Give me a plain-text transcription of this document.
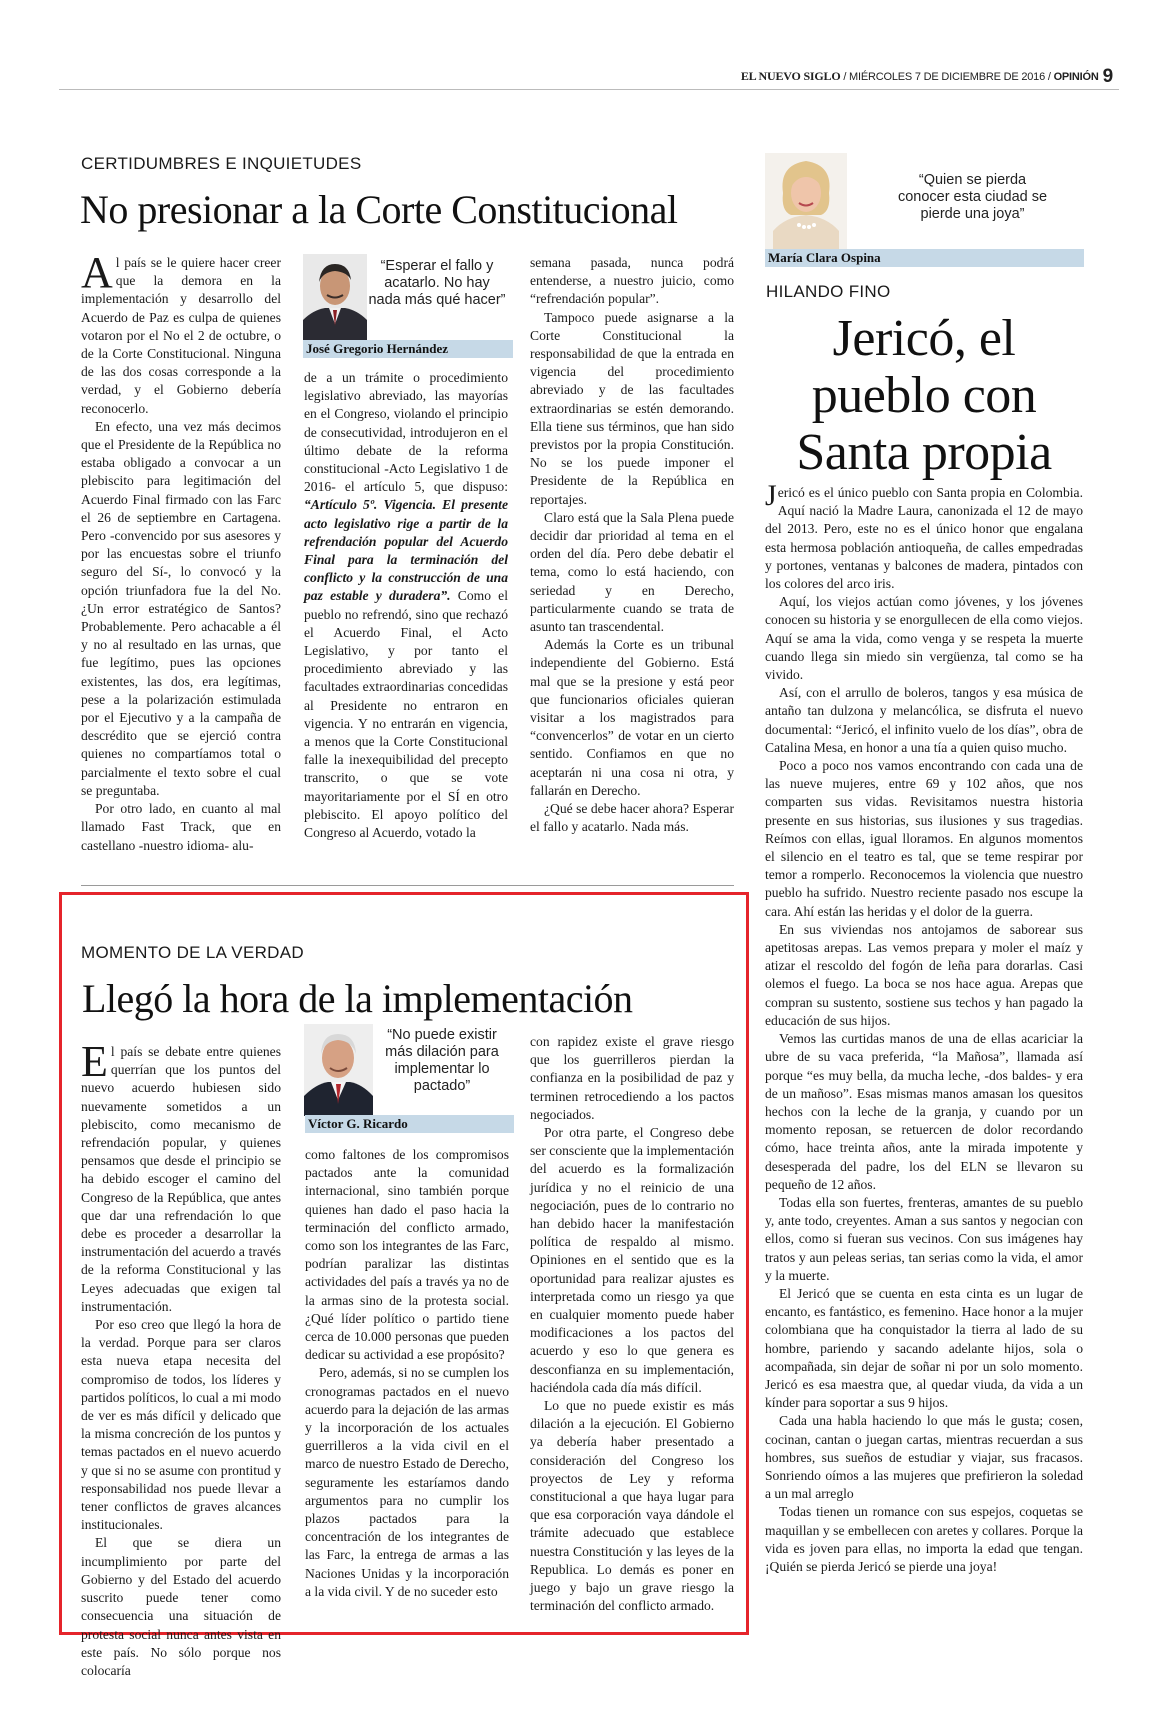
EL NUEVO SIGLO / MIÉRCOLES 7 DE DICIEMBRE DE 2016 / OPINIÓN 9
CERTIDUMBRES E INQUIETUDES
No presionar a la Corte Constitucional

Al país se le quiere hacer creer que la demora en la implementación y desarrollo del Acuerdo de Paz es culpa de quienes votaron por el No el 2 de octubre, o de la Corte Constitucional. Ninguna de las dos cosas corresponde a la verdad, y el Gobierno debería reconocerlo.

En efecto, una vez más decimos que el Presidente de la República no estaba obligado a convocar a un plebiscito para legitimación del Acuerdo Final firmado con las Farc el 26 de septiembre en Cartagena. Pero -convencido por sus asesores y por las encuestas sobre el triunfo seguro del Sí-, lo convocó y la opción triunfadora fue la del No. ¿Un error estratégico de Santos? Probablemente. Pero achacable a él y no al resultado en las urnas, que fue legítimo, pues las opciones existentes, las dos, era legítimas, pese a la polarización estimulada por el Ejecutivo y a la campaña de descrédito que se ejerció contra quienes no compartíamos total o parcialmente el texto sobre el cual se preguntaba.

Por otro lado, en cuanto al mal llamado Fast Track, que en castellano -nuestro idioma- alu-

“Esperar el fallo y acatarlo. No hay nada más qué hacer”
José Gregorio Hernández

de a un trámite o procedimiento legislativo abreviado, las mayorías en el Congreso, violando el principio de consecutividad, introdujeron en el último debate de la reforma constitucional -Acto Legislativo 1 de 2016- el artículo 5, que dispuso: “Artículo 5º. Vigencia. El presente acto legislativo rige a partir de la refrendación popular del Acuerdo Final para la terminación del conflicto y la construcción de una paz estable y duradera”. Como el pueblo no refrendó, sino que rechazó el Acuerdo Final, el Acto Legislativo, y por tanto el procedimiento abreviado y las facultades extraordinarias concedidas al Presidente no entraron en vigencia. Y no entrarán en vigencia, a menos que la Corte Constitucional falle la inexequibilidad del precepto transcrito, o que se vote mayoritariamente por el SÍ en otro plebiscito. El apoyo político del Congreso al Acuerdo, votado la

semana pasada, nunca podrá entenderse, a nuestro juicio, como “refrendación popular”.

Tampoco puede asignarse a la Corte Constitucional la responsabilidad de que la entrada en vigencia del procedimiento abreviado y de las facultades extraordinarias se estén demorando. Ella tiene sus términos, que han sido previstos por la propia Constitución. No se los puede imponer el Presidente de la República en reportajes.

Claro está que la Sala Plena puede decidir dar prioridad al tema en el orden del día. Pero debe debatir el tema, como lo está haciendo, con seriedad y en Derecho, particularmente cuando se trata de asunto tan trascendental.

Además la Corte es un tribunal independiente del Gobierno. Está mal que se la presione y está peor que funcionarios oficiales quieran visitar a los magistrados para “convencerlos” de votar en un cierto sentido. Confiamos en que no aceptarán ni una cosa ni otra, y fallarán en Derecho.

¿Qué se debe hacer ahora? Esperar el fallo y acatarlo. Nada más.

MOMENTO DE LA VERDAD
Llegó la hora de la implementación

El país se debate entre quienes querrían que los puntos del nuevo acuerdo hubiesen sido nuevamente sometidos a un plebiscito, como mecanismo de refrendación popular, y quienes pensamos que desde el principio se ha debido escoger el camino del Congreso de la República, que antes que dar una refrendación lo que debe es proceder a desarrollar la instrumentación del acuerdo a través de la reforma Constitucional y las Leyes adecuadas que exigen tal instrumentación.

Por eso creo que llegó la hora de la verdad. Porque para ser claros esta nueva etapa necesita del compromiso de todos, los líderes y partidos políticos, lo cual a mi modo de ver es más difícil y delicado que la misma concreción de los puntos y temas pactados en el nuevo acuerdo y que si no se asume con prontitud y responsabilidad nos puede llevar a tener conflictos de graves alcances institucionales.

El que se diera un incumplimiento por parte del Gobierno y del Estado del acuerdo suscrito puede tener como consecuencia una situación de protesta social nunca antes vista en este país. No sólo porque nos colocaría

“No puede existir más dilación para implementar lo pactado”
Víctor G. Ricardo

como faltones de los compromisos pactados ante la comunidad internacional, sino también porque quienes han dado el paso hacia la terminación del conflicto armado, como son los integrantes de las Farc, podrían paralizar las distintas actividades del país a través ya no de la armas sino de la protesta social. ¿Qué líder político o partido tiene cerca de 10.000 personas que pueden dedicar su actividad a ese propósito?

Pero, además, si no se cumplen los cronogramas pactados en el nuevo acuerdo para la dejación de las armas y la incorporación de los actuales guerrilleros a la vida civil en el marco de nuestro Estado de Derecho, seguramente les estaríamos dando argumentos para no cumplir los plazos pactados para la concentración de los integrantes de las Farc, la entrega de armas a las Naciones Unidas y la incorporación a la vida civil. Y de no suceder esto

con rapidez existe el grave riesgo que los guerrilleros pierdan la confianza en la posibilidad de paz y terminen retrocediendo a los pactos negociados.

Por otra parte, el Congreso debe ser consciente que la implementación del acuerdo es la formalización jurídica y no el reinicio de una negociación, pues de lo contrario no han debido hacer la manifestación política de respaldo al mismo. Opiniones en el sentido que es la oportunidad para realizar ajustes es interpretada como un riesgo ya que en cualquier momento puede haber modificaciones a los pactos del acuerdo y eso lo que genera es desconfianza en su implementación, haciéndola cada día más difícil.

Lo que no puede existir es más dilación a la ejecución. El Gobierno ya debería haber presentado a consideración del Congreso los proyectos de Ley y reforma constitucional a que haya lugar para que esa corporación vaya dándole el trámite adecuado que establece nuestra Constitución y las leyes de la Republica. Lo demás es poner en juego y bajo un grave riesgo la terminación del conflicto armado.

“Quien se pierda conocer esta ciudad se pierde una joya”
María Clara Ospina
HILANDO FINO
Jericó, el
pueblo con
Santa propia

Jericó es el único pueblo con Santa propia en Colombia. Aquí nació la Madre Laura, canonizada el 12 de mayo del 2013. Pero, este no es el único honor que engalana esta hermosa población antioqueña, de calles empedradas y portones, ventanas y balcones de madera, pintados con los colores del arco iris.

Aquí, los viejos actúan como jóvenes, y los jóvenes conocen su historia y se enorgullecen de ella como viejos. Aquí se ama la vida, como venga y se respeta la muerte cuando llega sin miedo sin vergüenza, tal como se ha vivido.

Así, con el arrullo de boleros, tangos y esa música de antaño tan dulzona y melancólica, se disfruta el nuevo documental: “Jericó, el infinito vuelo de los días”, obra de Catalina Mesa, en honor a una tía a quien quiso mucho.

Poco a poco nos vamos encontrando con cada una de las nueve mujeres, entre 69 y 102 años, que nos comparten sus vidas. Revisitamos nuestra historia presente en sus historias, sus ilusiones y sus tragedias. Reímos con ellas, igual lloramos. En algunos momentos el silencio en el teatro es tal, que se teme respirar por temor a romperlo. Reconocemos la violencia que nuestro pueblo ha sufrido. Nuestro reciente pasado nos escupe la cara. Ahí están las heridas y el dolor de la guerra.

En sus viviendas nos antojamos de saborear sus apetitosas arepas. Las vemos prepara y moler el maíz y atizar el rescoldo del fogón de leña para dorarlas. Casi olemos el fuego. La boca se nos hace agua. Arepas que compran su sustento, sostiene sus techos y han pagado la educación de sus hijos.

Vemos las curtidas manos de una de ellas acariciar la ubre de su vaca preferida, “la Mañosa”, llamada así porque “es muy bella, da mucha leche, -dos baldes- y era de un mañoso”. Esas mismas manos amasan los quesitos hechos con la leche de la granja, y cuando por un momento reposan, se retuercen de dolor recordando cómo, hace treinta años, ante la mirada impotente y desesperada del padre, los del ELN se llevaron su pequeño de 12 años.

Todas ella son fuertes, frenteras, amantes de su pueblo y, ante todo, creyentes. Aman a sus santos y negocian con ellos, como si fueran sus vecinos. Con sus imágenes hay tratos y aun peleas serias, tan serias como la vida, el amor y la muerte.

El Jericó que se cuenta en esta cinta es un lugar de encanto, es fantástico, es femenino. Hace honor a la mujer colombiana que ha conquistador la tierra al lado de su hombre, pariendo y sacando adelante hijos, sola o acompañada, sin dejar de soñar ni por un solo momento. Jericó es esa maestra que, al quedar viuda, da vida a un kínder para soportar a sus 9 hijos.

Cada una habla haciendo lo que más le gusta; cosen, cocinan, cantan o juegan cartas, mientras recuerdan a sus hombres, sus sueños de estudiar y viajar, sus fracasos. Sonriendo oímos a las mujeres que prefirieron la soledad a un mal arreglo

Todas tienen un romance con sus espejos, coquetas se maquillan y se embellecen con aretes y collares. Porque la vida es joven para ellas, no importa la edad que tengan. ¡Quién se pierda Jericó se pierde una joya!
